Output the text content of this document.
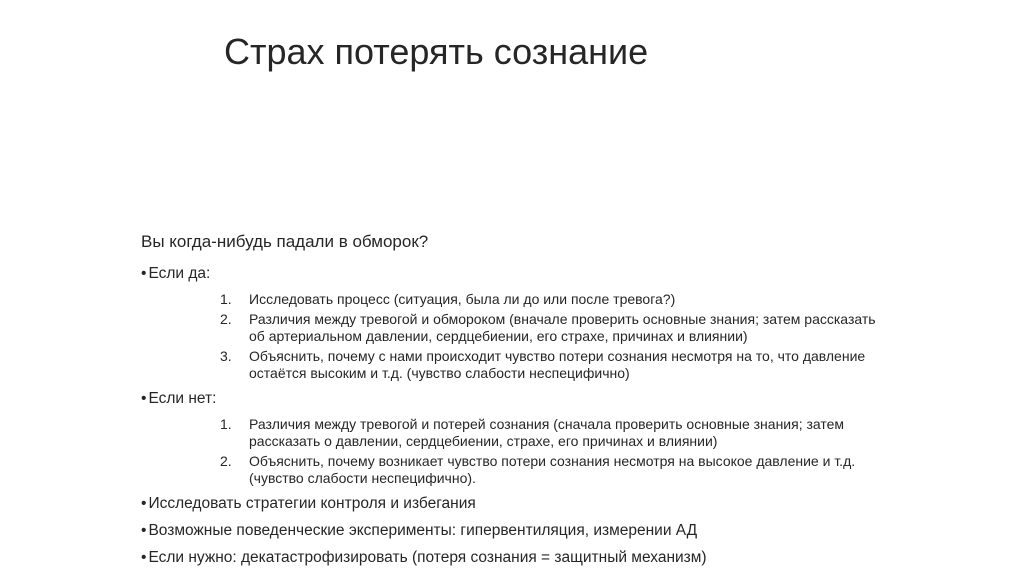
Страх потерять сознание
Вы когда-нибудь падали в обморок?
• Если да:
1. Исследовать процесс (ситуация, была ли до или после тревога?)
2. Различия между тревогой и обмороком (вначале проверить основные знания; затем рассказать об артериальном давлении, сердцебиении, его страхе, причинах и влиянии)
3. Объяснить, почему с нами происходит чувство потери сознания несмотря на то, что давление остаётся высоким и т.д. (чувство слабости неспецифично)
• Если нет:
1. Различия между тревогой и потерей сознания (сначала проверить основные знания; затем рассказать о давлении, сердцебиении, страхе, его причинах и влиянии)
2. Объяснить, почему возникает чувство потери сознания несмотря на высокое давление и т.д. (чувство слабости неспецифично).
• Исследовать стратегии контроля и избегания
• Возможные поведенческие эксперименты: гипервентиляция, измерении АД
• Если нужно: декатастрофизировать (потеря сознания = защитный механизм)
